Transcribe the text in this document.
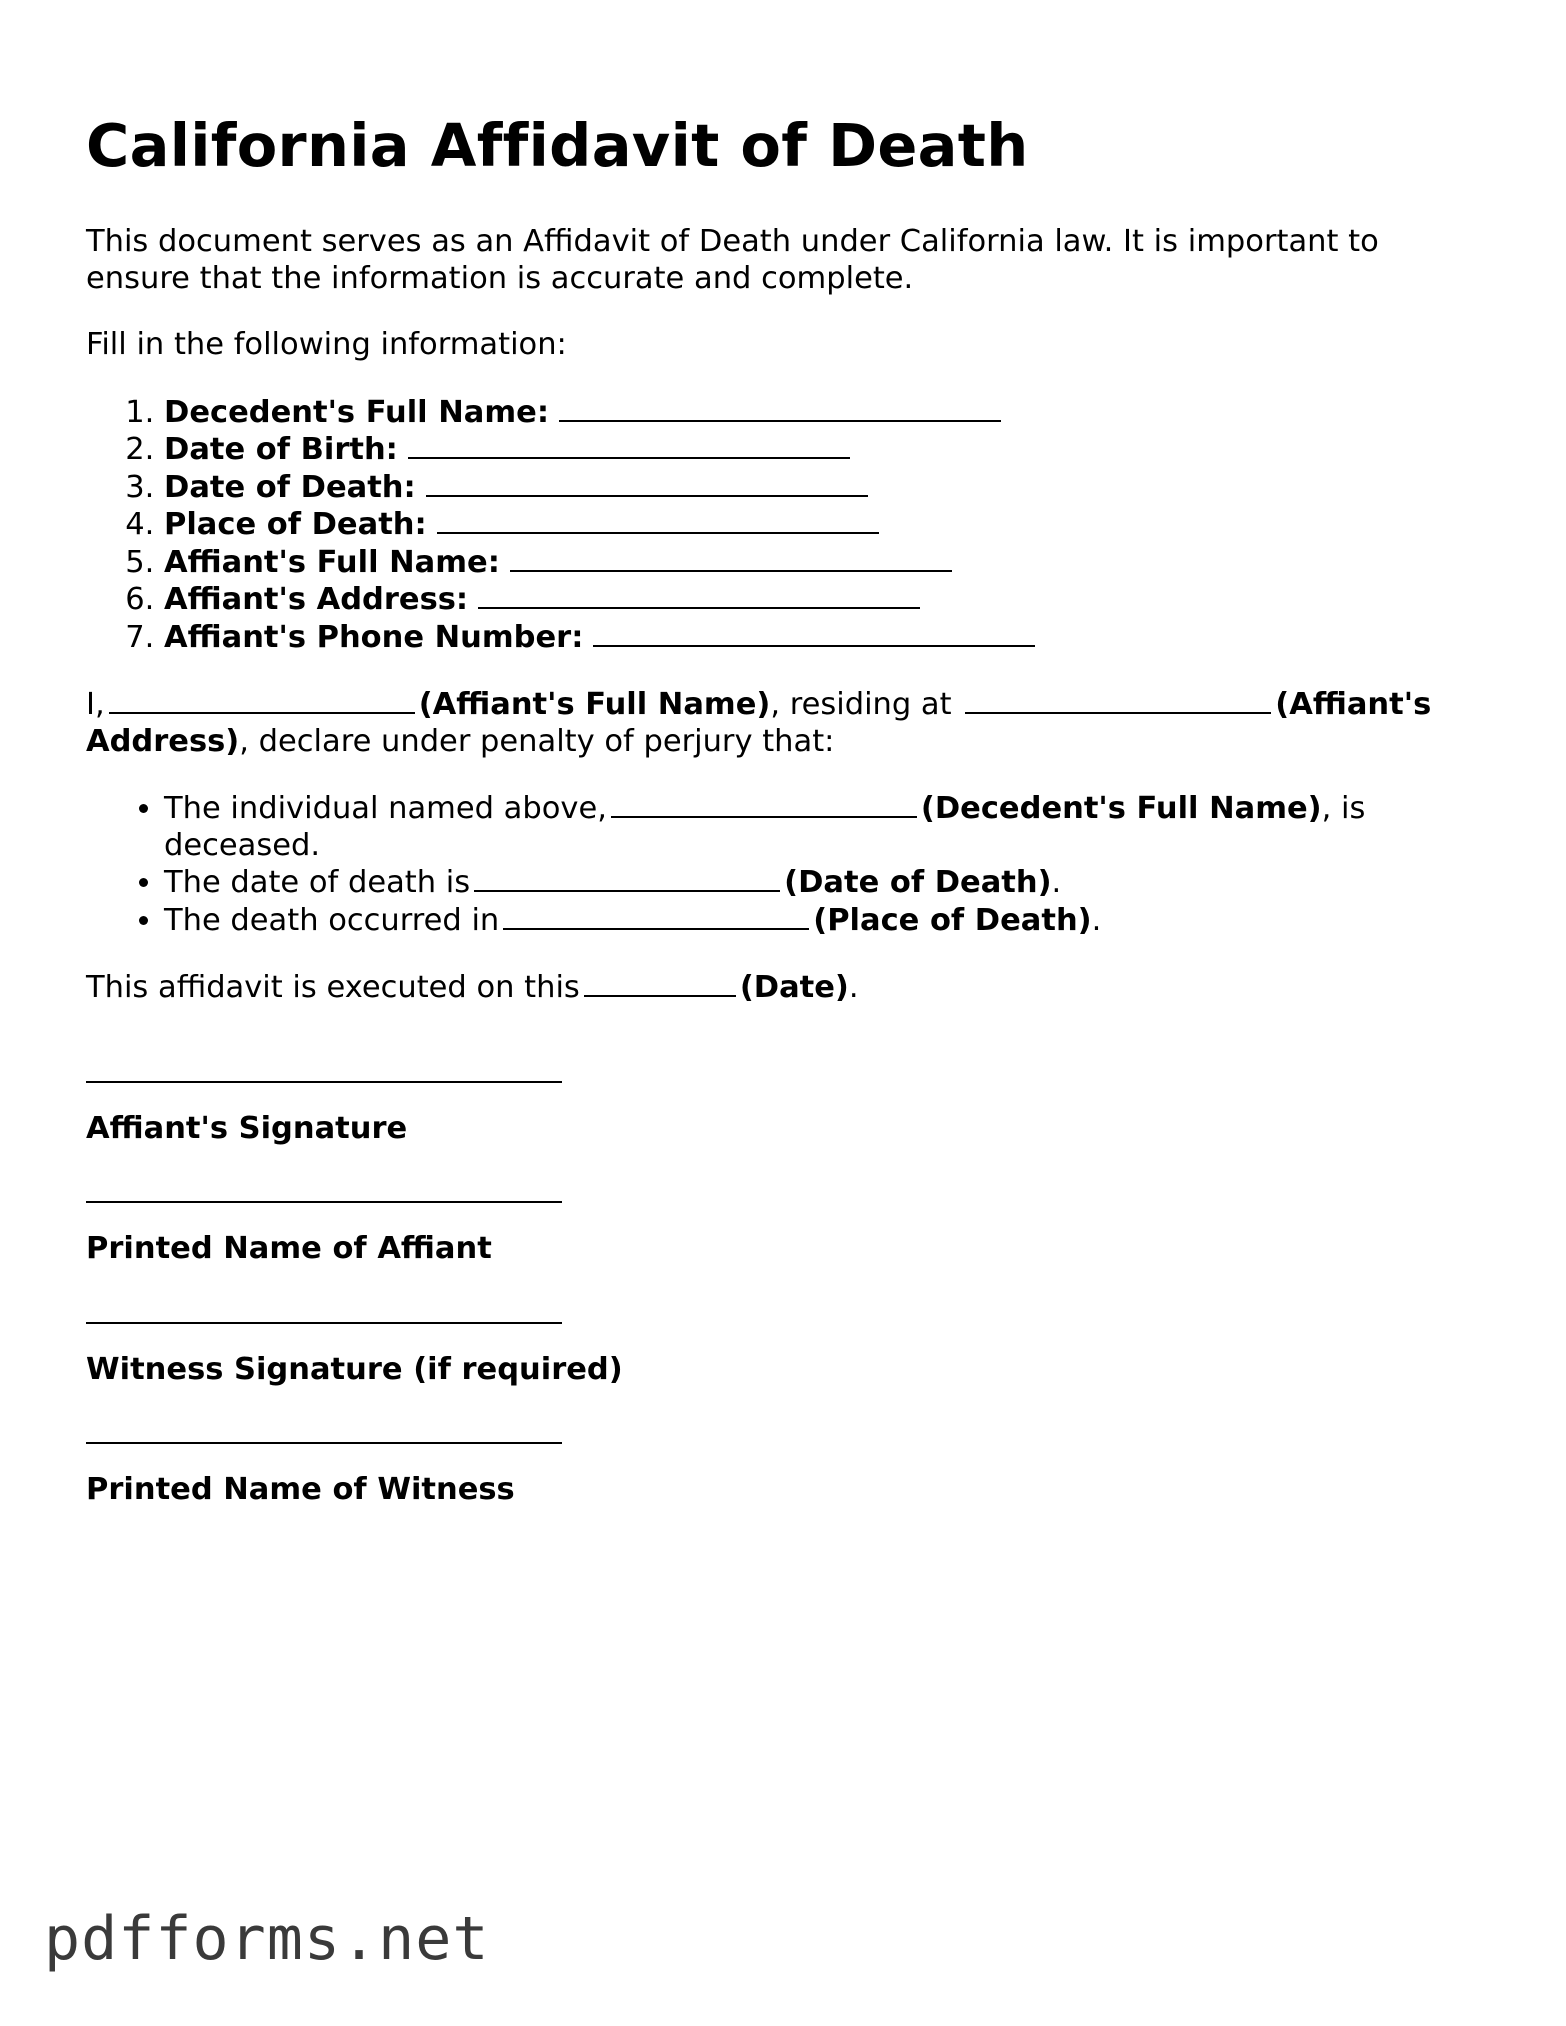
California Affidavit of Death

This document serves as an Affidavit of Death under California law. It is important to ensure that the information is accurate and complete.

Fill in the following information:

1. Decedent's Full Name:
2. Date of Birth:
3. Date of Death:
4. Place of Death:
5. Affiant's Full Name:
6. Affiant's Address:
7. Affiant's Phone Number:

I,	(Affiant's Full Name), residing at	(Affiant's Address), declare under penalty of perjury that:

• The individual named above,	(Decedent's Full Name), is deceased.
• The date of death is	(Date of Death).
• The death occurred in	(Place of Death).

This affidavit is executed on this	(Date).

Affiant's Signature
Printed Name of Affiant
Witness Signature (if required)
Printed Name of Witness
pdfforms.net
